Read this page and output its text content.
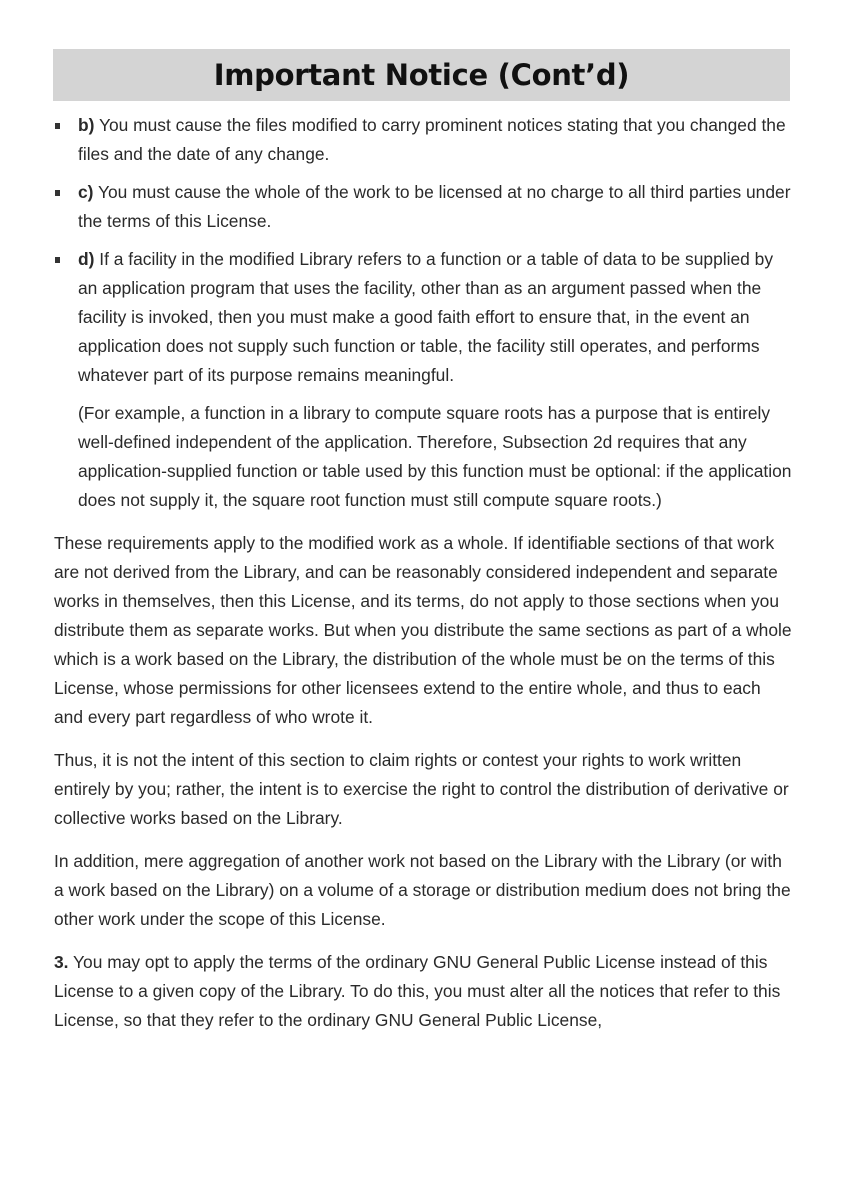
Important Notice (Cont’d)
b) You must cause the files modified to carry prominent notices stating that you changed the files and the date of any change.
c) You must cause the whole of the work to be licensed at no charge to all third parties under the terms of this License.
d) If a facility in the modified Library refers to a function or a table of data to be supplied by an application program that uses the facility, other than as an argument passed when the facility is invoked, then you must make a good faith effort to ensure that, in the event an application does not supply such function or table, the facility still operates, and performs whatever part of its purpose remains meaningful.

(For example, a function in a library to compute square roots has a purpose that is entirely well-defined independent of the application. Therefore, Subsection 2d requires that any application-supplied function or table used by this function must be optional: if the application does not supply it, the square root function must still compute square roots.)

These requirements apply to the modified work as a whole. If identifiable sections of that work are not derived from the Library, and can be reasonably considered independent and separate works in themselves, then this License, and its terms, do not apply to those sections when you distribute them as separate works. But when you distribute the same sections as part of a whole which is a work based on the Library, the distribution of the whole must be on the terms of this License, whose permissions for other licensees extend to the entire whole, and thus to each and every part regardless of who wrote it.

Thus, it is not the intent of this section to claim rights or contest your rights to work written entirely by you; rather, the intent is to exercise the right to control the distribution of derivative or collective works based on the Library.

In addition, mere aggregation of another work not based on the Library with the Library (or with a work based on the Library) on a volume of a storage or distribution medium does not bring the other work under the scope of this License.

3. You may opt to apply the terms of the ordinary GNU General Public License instead of this License to a given copy of the Library. To do this, you must alter all the notices that refer to this License, so that they refer to the ordinary GNU General Public License,
